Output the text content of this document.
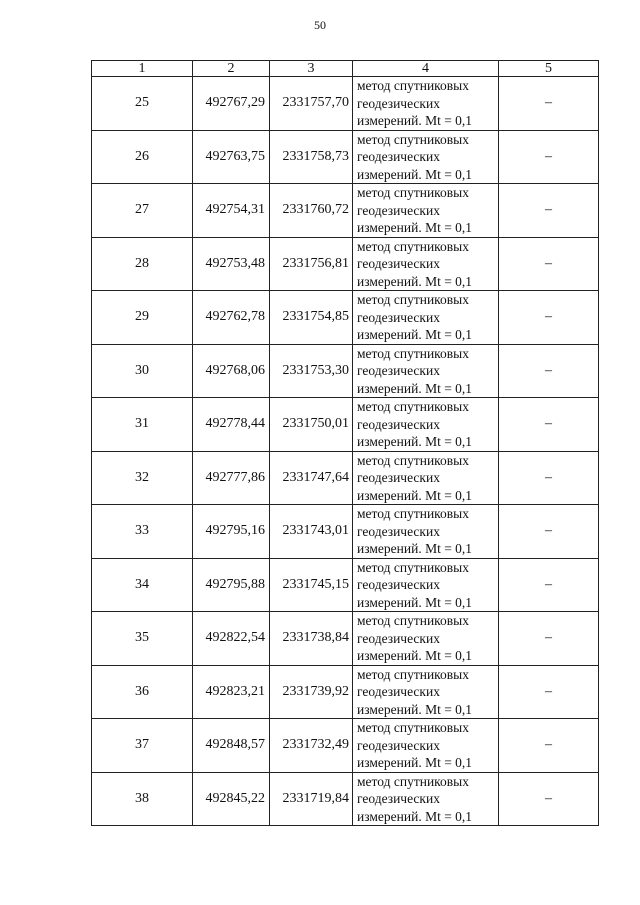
50
1	2	3	4	5
25	492767,29	2331757,70	метод спутниковых
геодезических
измерений. Mt = 0,1	–
26	492763,75	2331758,73	метод спутниковых
геодезических
измерений. Mt = 0,1	–
27	492754,31	2331760,72	метод спутниковых
геодезических
измерений. Mt = 0,1	–
28	492753,48	2331756,81	метод спутниковых
геодезических
измерений. Mt = 0,1	–
29	492762,78	2331754,85	метод спутниковых
геодезических
измерений. Mt = 0,1	–
30	492768,06	2331753,30	метод спутниковых
геодезических
измерений. Mt = 0,1	–
31	492778,44	2331750,01	метод спутниковых
геодезических
измерений. Mt = 0,1	–
32	492777,86	2331747,64	метод спутниковых
геодезических
измерений. Mt = 0,1	–
33	492795,16	2331743,01	метод спутниковых
геодезических
измерений. Mt = 0,1	–
34	492795,88	2331745,15	метод спутниковых
геодезических
измерений. Mt = 0,1	–
35	492822,54	2331738,84	метод спутниковых
геодезических
измерений. Mt = 0,1	–
36	492823,21	2331739,92	метод спутниковых
геодезических
измерений. Mt = 0,1	–
37	492848,57	2331732,49	метод спутниковых
геодезических
измерений. Mt = 0,1	–
38	492845,22	2331719,84	метод спутниковых
геодезических
измерений. Mt = 0,1	–
